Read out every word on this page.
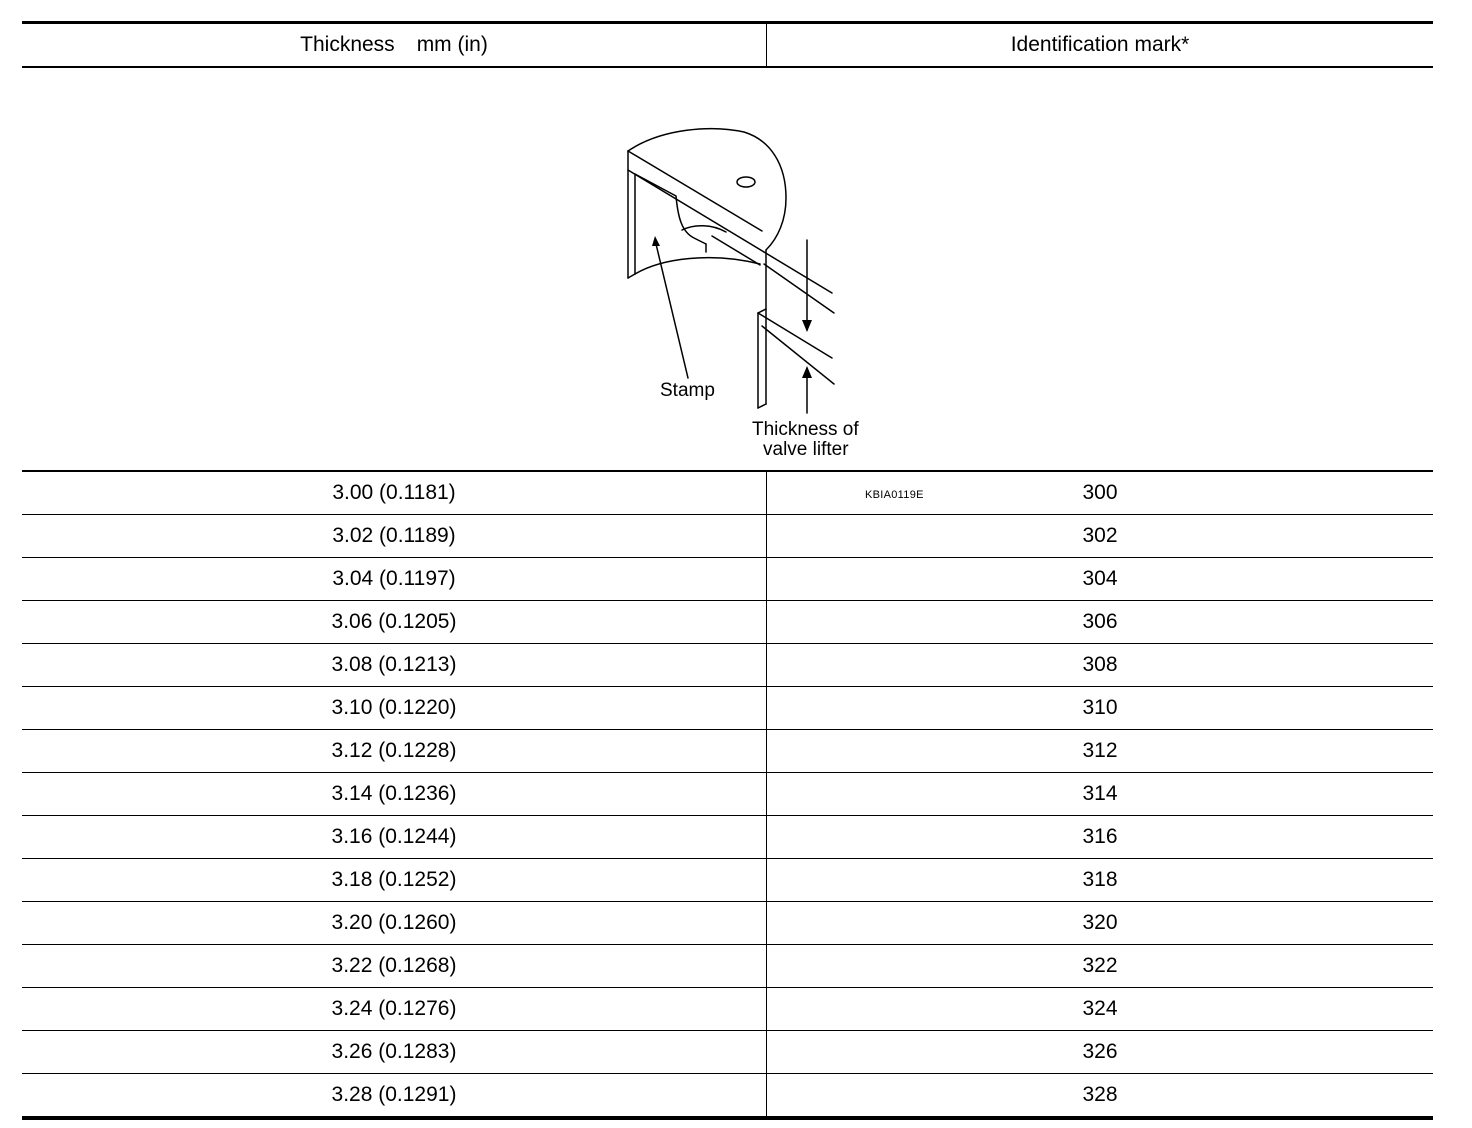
Thickness mm (in)	Identification mark*
Stamp
Thickness of
valve lifter
KBIA0119E
3.00 (0.1181)	300
3.02 (0.1189)	302
3.04 (0.1197)	304
3.06 (0.1205)	306
3.08 (0.1213)	308
3.10 (0.1220)	310
3.12 (0.1228)	312
3.14 (0.1236)	314
3.16 (0.1244)	316
3.18 (0.1252)	318
3.20 (0.1260)	320
3.22 (0.1268)	322
3.24 (0.1276)	324
3.26 (0.1283)	326
3.28 (0.1291)	328
